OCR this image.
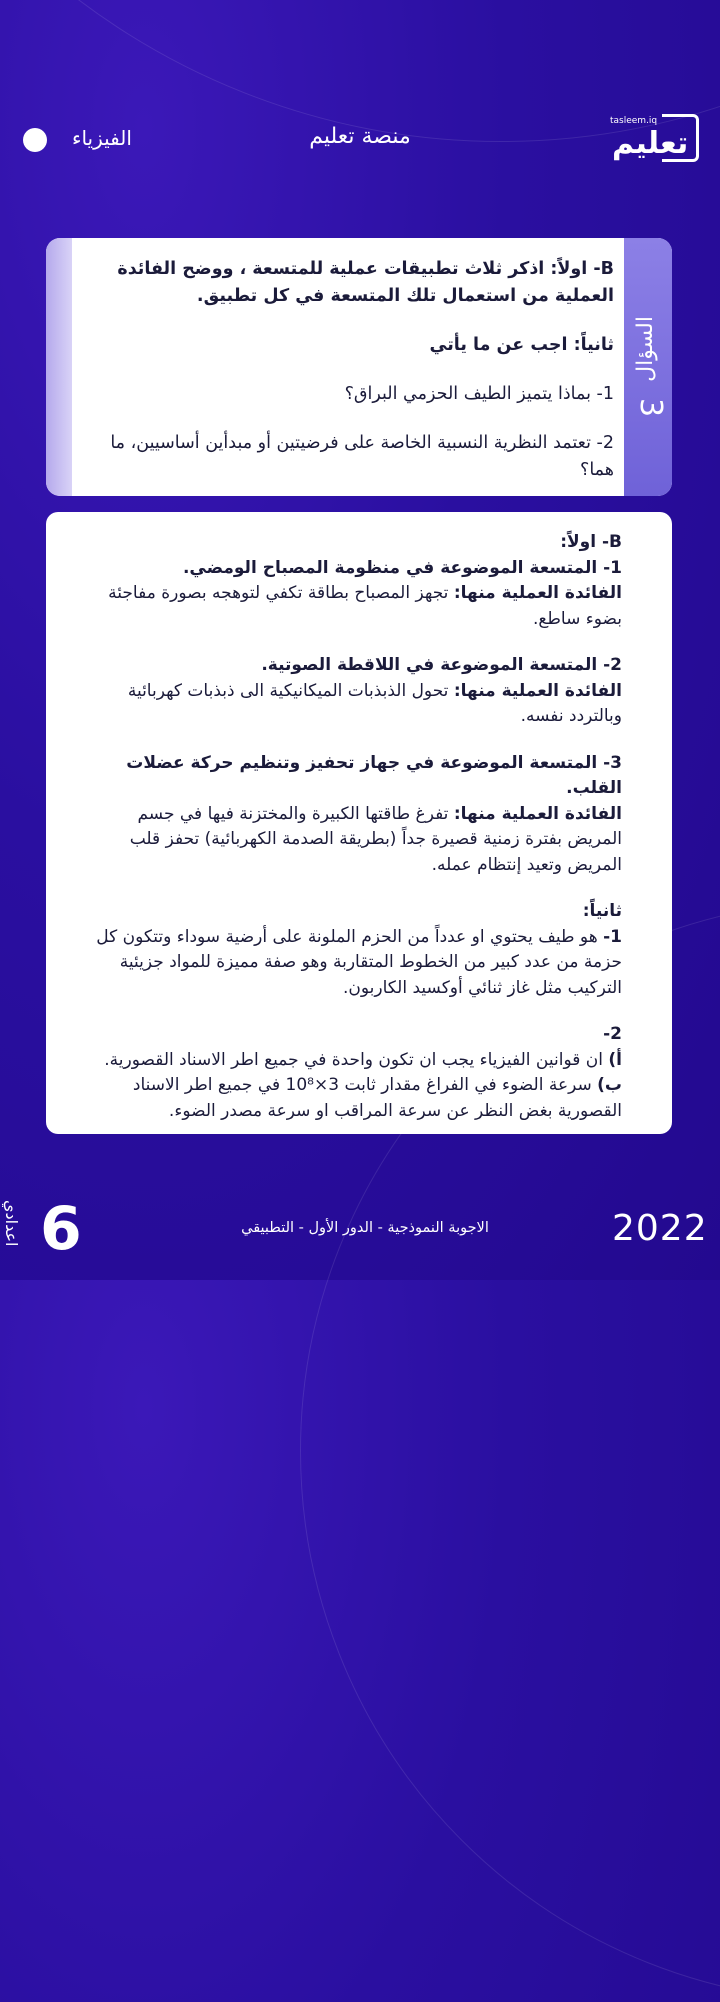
الفيزياء	منصة تعليم
tasleem.iq
تعليم
السؤال
3

B- اولاً: اذكر ثلاث تطبيقات عملية للمتسعة ، ووضح الفائدة العملية من استعمال تلك المتسعة في كل تطبيق.

ثانياً: اجب عن ما يأتي

1- بماذا يتميز الطيف الحزمي البراق؟

2- تعتمد النظرية النسبية الخاصة على فرضيتين أو مبدأين أساسيين، ما هما؟

B- اولاً:

1- المتسعة الموضوعة في منظومة المصباح الومضي.

الفائدة العملية منها: تجهز المصباح بطاقة تكفي لتوهجه بصورة مفاجئة بضوء ساطع.

2- المتسعة الموضوعة في اللاقطة الصوتية.

الفائدة العملية منها: تحول الذبذبات الميكانيكية الى ذبذبات كهربائية وبالتردد نفسه.

3- المتسعة الموضوعة في جهاز تحفيز وتنظيم حركة عضلات القلب.

الفائدة العملية منها: تفرغ طاقتها الكبيرة والمختزنة فيها في جسم المريض بفترة زمنية قصيرة جداً (بطريقة الصدمة الكهربائية) تحفز قلب المريض وتعيد إنتظام عمله.

ثانياً:

1- هو طيف يحتوي او عدداً من الحزم الملونة على أرضية سوداء وتتكون كل حزمة من عدد كبير من الخطوط المتقاربة وهو صفة مميزة للمواد جزيئية التركيب مثل غاز ثنائي أوكسيد الكاربون.

2-

أ) ان قوانين الفيزياء يجب ان تكون واحدة في جميع اطر الاسناد القصورية.

ب) سرعة الضوء في الفراغ مقدار ثابت 3×10⁸ في جميع اطر الاسناد القصورية بغض النظر عن سرعة المراقب او سرعة مصدر الضوء.

2022
الاجوبة النموذجية - الدور الأول - التطبيقي
6
اعدادي
